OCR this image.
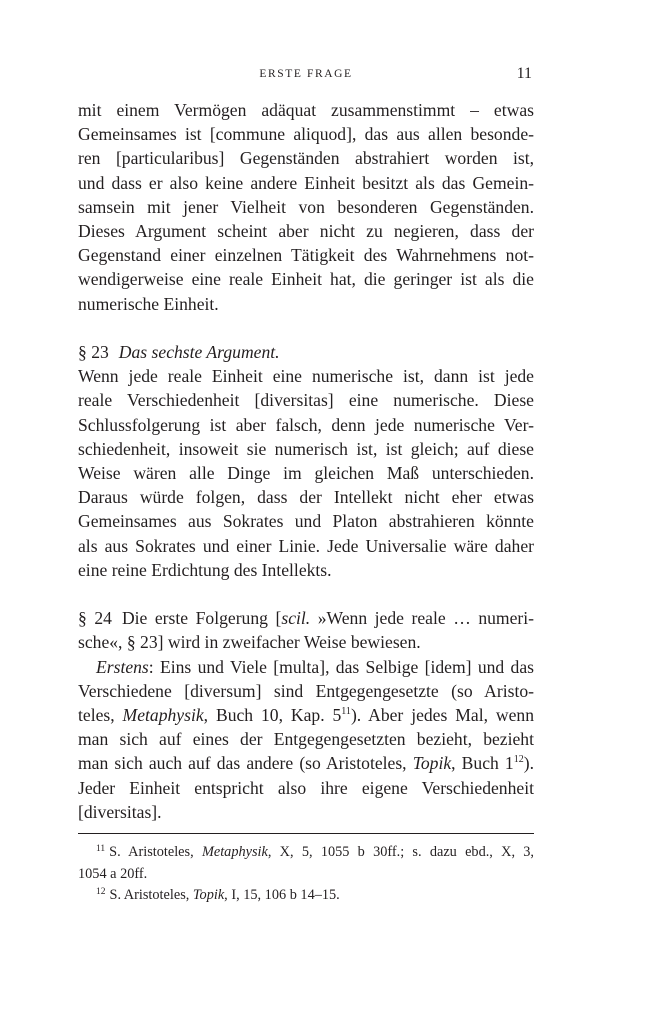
ERSTE FRAGE	11
mit einem Vermögen adäquat zusammenstimmt – etwas
Gemeinsames ist [commune aliquod], das aus allen besonde-
ren [particularibus] Gegenständen abstrahiert worden ist,
und dass er also keine andere Einheit besitzt als das Gemein-
samsein mit jener Vielheit von besonderen Gegenständen.
Dieses Argument scheint aber nicht zu negieren, dass der
Gegenstand einer einzelnen Tätigkeit des Wahrnehmens not-
wendigerweise eine reale Einheit hat, die geringer ist als die
numerische Einheit.
§ 23 Das sechste Argument.
Wenn jede reale Einheit eine numerische ist, dann ist jede
reale Verschiedenheit [diversitas] eine numerische. Diese
Schlussfolgerung ist aber falsch, denn jede numerische Ver-
schiedenheit, insoweit sie numerisch ist, ist gleich; auf diese
Weise wären alle Dinge im gleichen Maß unterschieden.
Daraus würde folgen, dass der Intellekt nicht eher etwas
Gemeinsames aus Sokrates und Platon abstrahieren könnte
als aus Sokrates und einer Linie. Jede Universalie wäre daher
eine reine Erdichtung des Intellekts.
§ 24 Die erste Folgerung [scil. »Wenn jede reale … numeri-
sche«, § 23] wird in zweifacher Weise bewiesen.
Erstens: Eins und Viele [multa], das Selbige [idem] und das
Verschiedene [diversum] sind Entgegengesetzte (so Aristo-
teles, Metaphysik, Buch 10, Kap. $5^{11}$). Aber jedes Mal, wenn
man sich auf eines der Entgegengesetzten bezieht, bezieht
man sich auch auf das andere (so Aristoteles, Topik, Buch $1^{12}$).
Jeder Einheit entspricht also ihre eigene Verschiedenheit
[diversitas].
$^{11}$ S. Aristoteles, Metaphysik, X, 5, 1055 b 30ff.; s. dazu ebd., X, 3,
1054 a 20ff.
$^{12}$ S. Aristoteles, Topik, I, 15, 106 b 14–15.
